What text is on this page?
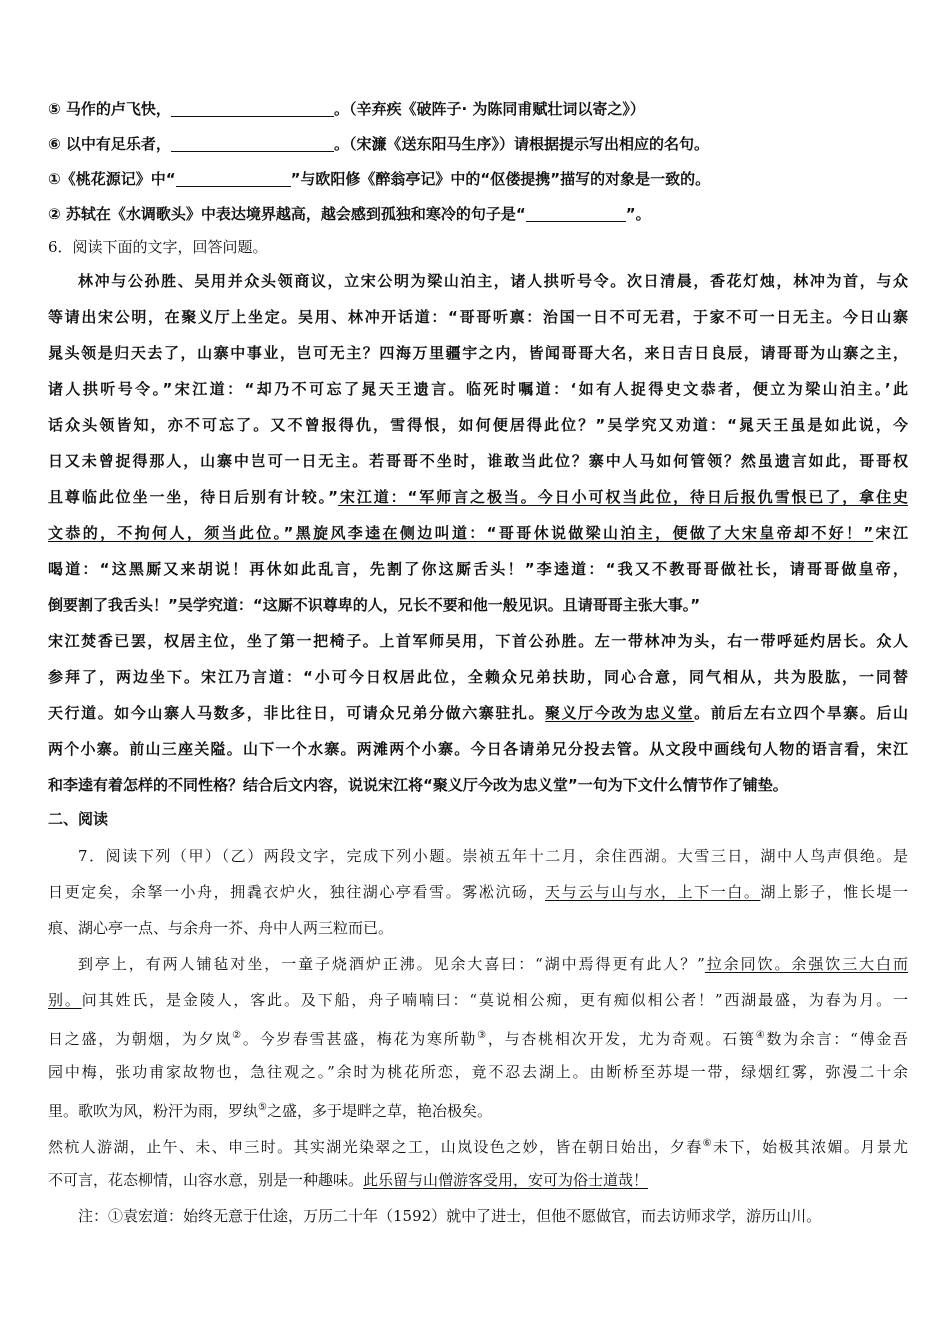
⑤ 马作的卢飞快，	。（辛弃疾《破阵子· 为陈同甫赋壮词以寄之》）

⑥ 以中有足乐者，	。（宋濂《送东阳马生序》）请根据提示写出相应的名句。

①《桃花源记》中“	”与欧阳修《醉翁亭记》中的“伛偻提携”描写的对象是一致的。

② 苏轼在《水调歌头》中表达境界越高，越会感到孤独和寒冷的句子是“	”。

6．阅读下面的文字，回答问题。

林冲与公孙胜、吴用并众头领商议，立宋公明为梁山泊主，诸人拱听号令。次日清晨，香花灯烛，林冲为首，与众

等请出宋公明，在聚义厅上坐定。吴用、林冲开话道：“哥哥听禀：治国一日不可无君，于家不可一日无主。今日山寨

晁头领是归天去了，山寨中事业，岂可无主？四海万里疆宇之内，皆闻哥哥大名，来日吉日良辰，请哥哥为山寨之主，

诸人拱听号令。”宋江道：“却乃不可忘了晁天王遗言。临死时嘱道：‘如有人捉得史文恭者，便立为梁山泊主。’此

话众头领皆知，亦不可忘了。又不曾报得仇，雪得恨，如何便居得此位？”吴学究又劝道：“晁天王虽是如此说，今

日又未曾捉得那人，山寨中岂可一日无主。若哥哥不坐时，谁敢当此位？寨中人马如何管领？然虽遗言如此，哥哥权

且尊临此位坐一坐，待日后别有计较。”宋江道：“军师言之极当。今日小可权当此位，待日后报仇雪恨已了，拿住史

文恭的，不拘何人，须当此位。”黑旋风李逵在侧边叫道：“哥哥休说做梁山泊主，便做了大宋皇帝却不好！”宋江

喝道：“这黑厮又来胡说！再休如此乱言，先割了你这厮舌头！”李逵道：“我又不教哥哥做社长，请哥哥做皇帝，

倒要割了我舌头！”吴学究道：“这厮不识尊卑的人，兄长不要和他一般见识。且请哥哥主张大事。”

宋江焚香已罢，权居主位，坐了第一把椅子。上首军师吴用，下首公孙胜。左一带林冲为头，右一带呼延灼居长。众人

参拜了，两边坐下。宋江乃言道：“小可今日权居此位，全赖众兄弟扶助，同心合意，同气相从，共为股肱，一同替

天行道。如今山寨人马数多，非比往日，可请众兄弟分做六寨驻扎。聚义厅今改为忠义堂。前后左右立四个旱寨。后山

两个小寨。前山三座关隘。山下一个水寨。两滩两个小寨。今日各请弟兄分投去管。从文段中画线句人物的语言看，宋江

和李逵有着怎样的不同性格？结合后文内容，说说宋江将“聚义厅今改为忠义堂”一句为下文什么情节作了铺垫。

二、阅读

7．阅读下列（甲）（乙）两段文字，完成下列小题。崇祯五年十二月，余住西湖。大雪三日，湖中人鸟声俱绝。是

日更定矣，余拏一小舟，拥毳衣炉火，独往湖心亭看雪。雾凇沆砀，天与云与山与水，上下一白。湖上影子，惟长堤一

痕、湖心亭一点、与余舟一芥、舟中人两三粒而已。

到亭上，有两人铺毡对坐，一童子烧酒炉正沸。见余大喜曰：“湖中焉得更有此人？”拉余同饮。余强饮三大白而

别。问其姓氏，是金陵人，客此。及下船，舟子喃喃曰：“莫说相公痴，更有痴似相公者！”西湖最盛，为春为月。一

日之盛，为朝烟，为夕岚②。今岁春雪甚盛，梅花为寒所勒③，与杏桃相次开发，尤为奇观。石篑④数为余言：“傅金吾

园中梅，张功甫家故物也，急往观之。”余时为桃花所恋，竟不忍去湖上。由断桥至苏堤一带，绿烟红雾，弥漫二十余

里。歌吹为风，粉汗为雨，罗纨⑤之盛，多于堤畔之草，艳冶极矣。

然杭人游湖，止午、未、申三时。其实湖光染翠之工，山岚设色之妙，皆在朝日始出，夕舂⑥未下，始极其浓媚。月景尤

不可言，花态柳情，山容水意，别是一种趣味。此乐留与山僧游客受用，安可为俗士道哉！

注：①袁宏道：始终无意于仕途，万历二十年（1592）就中了进士，但他不愿做官，而去访师求学，游历山川。
